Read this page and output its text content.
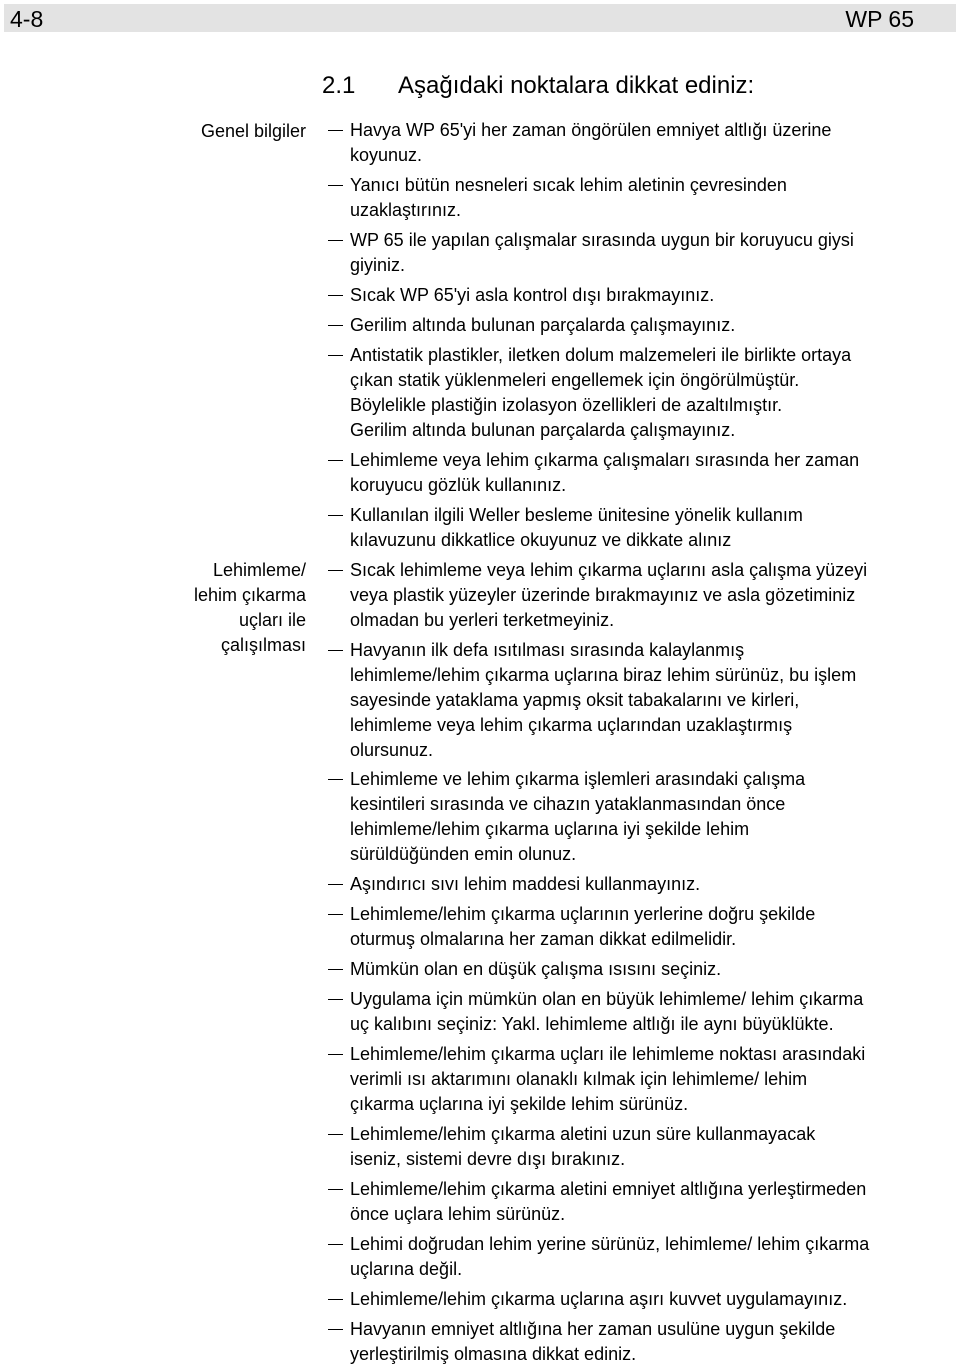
4-8	WP 65
2.1 Aşağıdaki noktalara dikkat ediniz:
Genel bilgiler
Lehimleme/
lehim çıkarma
uçları ile
çalışılması
Havya WP 65'yi her zaman öngörülen emniyet altlığı üzerine
koyunuz.
Yanıcı bütün nesneleri sıcak lehim aletinin çevresinden
uzaklaştırınız.
WP 65 ile yapılan çalışmalar sırasında uygun bir koruyucu giysi
giyiniz.
Sıcak WP 65'yi asla kontrol dışı bırakmayınız.
Gerilim altında bulunan parçalarda çalışmayınız.
Antistatik plastikler, iletken dolum malzemeleri ile birlikte ortaya
çıkan statik yüklenmeleri engellemek için öngörülmüştür.
Böylelikle plastiğin izolasyon özellikleri de azaltılmıştır.
Gerilim altında bulunan parçalarda çalışmayınız.
Lehimleme veya lehim çıkarma çalışmaları sırasında her zaman
koruyucu gözlük kullanınız.
Kullanılan ilgili Weller besleme ünitesine yönelik kullanım
kılavuzunu dikkatlice okuyunuz ve dikkate alınız
Sıcak lehimleme veya lehim çıkarma uçlarını asla çalışma yüzeyi
veya plastik yüzeyler üzerinde bırakmayınız ve asla gözetiminiz
olmadan bu yerleri terketmeyiniz.
Havyanın ilk defa ısıtılması sırasında kalaylanmış
lehimleme/lehim çıkarma uçlarına biraz lehim sürünüz, bu işlem
sayesinde yataklama yapmış oksit tabakalarını ve kirleri,
lehimleme veya lehim çıkarma uçlarından uzaklaştırmış
olursunuz.
Lehimleme ve lehim çıkarma işlemleri arasındaki çalışma
kesintileri sırasında ve cihazın yataklanmasından önce
lehimleme/lehim çıkarma uçlarına iyi şekilde lehim
sürüldüğünden emin olunuz.
Aşındırıcı sıvı lehim maddesi kullanmayınız.
Lehimleme/lehim çıkarma uçlarının yerlerine doğru şekilde
oturmuş olmalarına her zaman dikkat edilmelidir.
Mümkün olan en düşük çalışma ısısını seçiniz.
Uygulama için mümkün olan en büyük lehimleme/ lehim çıkarma
uç kalıbını seçiniz: Yakl. lehimleme altlığı ile aynı büyüklükte.
Lehimleme/lehim çıkarma uçları ile lehimleme noktası arasındaki
verimli ısı aktarımını olanaklı kılmak için lehimleme/ lehim
çıkarma uçlarına iyi şekilde lehim sürünüz.
Lehimleme/lehim çıkarma aletini uzun süre kullanmayacak
iseniz, sistemi devre dışı bırakınız.
Lehimleme/lehim çıkarma aletini emniyet altlığına yerleştirmeden
önce uçlara lehim sürünüz.
Lehimi doğrudan lehim yerine sürünüz, lehimleme/ lehim çıkarma
uçlarına değil.
Lehimleme/lehim çıkarma uçlarına aşırı kuvvet uygulamayınız.
Havyanın emniyet altlığına her zaman usulüne uygun şekilde
yerleştirilmiş olmasına dikkat ediniz.
